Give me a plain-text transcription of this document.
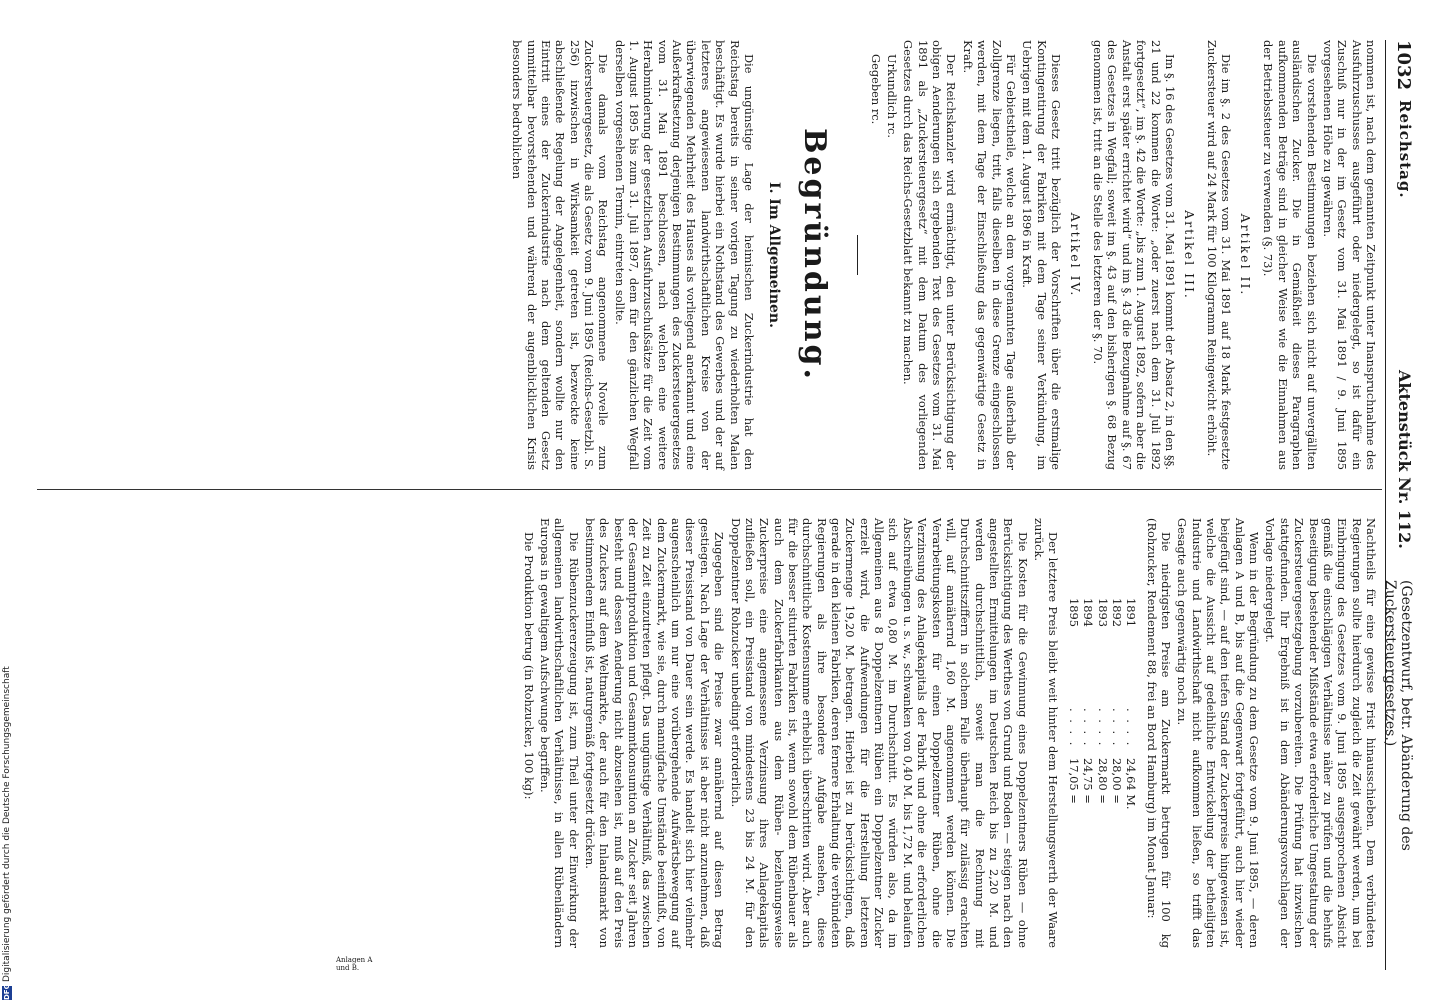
1032
Reichstag.
Aktenstück Nr. 112.
(Gesetzentwurf, betr. Abänderung des Zuckersteuergesetzes.)

nommen ist, nach dem genannten Zeitpunkt unter Inanspruchnahme des Ausfuhrzuschusses ausgeführt oder niedergelegt, so ist dafür ein Zuschuß nur in der im Gesetz vom 31. Mai 1891 / 9. Juni 1895 vorgesehenen Höhe zu gewähren.

Die vorstehenden Bestimmungen beziehen sich nicht auf unvergällten ausländischen Zucker. Die in Gemäßheit dieses Paragraphen aufkommenden Beträge sind in gleicher Weise wie die Einnahmen aus der Betriebssteuer zu verwenden (§. 73).

Artikel II.

Die im §. 2 des Gesetzes vom 31. Mai 1891 auf 18 Mark festgesetzte Zuckersteuer wird auf 24 Mark für 100 Kilogramm Reingewicht erhöht.

Artikel III.

Im §. 16 des Gesetzes vom 31. Mai 1891 kommt der Absatz 2, in den §§. 21 und 22 kommen die Worte: „oder zuerst nach dem 31. Juli 1892 fortgesetzt“, im §. 42 die Worte: „bis zum 1. August 1892, sofern aber die Anstalt erst später errichtet wird“ und im §. 43 die Bezugnahme auf §. 67 des Gesetzes in Wegfall; soweit im §. 43 auf den bisherigen §. 68 Bezug genommen ist, tritt an die Stelle des letzteren der §. 70.

Artikel IV.

Dieses Gesetz tritt bezüglich der Vorschriften über die erstmalige Kontingentirung der Fabriken mit dem Tage seiner Verkündung, im Uebrigen mit dem 1. August 1896 in Kraft.

Für Gebietstheile, welche an dem vorgenannten Tage außerhalb der Zollgrenze liegen, tritt, falls dieselben in diese Grenze eingeschlossen werden, mit dem Tage der Einschließung das gegenwärtige Gesetz in Kraft.

Der Reichskanzler wird ermächtigt, den unter Berücksichtigung der obigen Aenderungen sich ergebenden Text des Gesetzes vom 31. Mai 1891 als „Zuckersteuergesetz“ mit dem Datum des vorliegenden Gesetzes durch das Reichs-Gesetzblatt bekannt zu machen.

Urkundlich rc.

Gegeben rc.

Begründung.
I. Im Allgemeinen.

Die ungünstige Lage der heimischen Zuckerindustrie hat den Reichstag bereits in seiner vorigen Tagung zu wiederholten Malen beschäftigt. Es wurde hierbei ein Nothstand des Gewerbes und der auf letzteres angewiesenen landwirthschaftlichen Kreise von der überwiegenden Mehrheit des Hauses als vorliegend anerkannt und eine Außerkraftsetzung derjenigen Bestimmungen des Zuckersteuergesetzes vom 31. Mai 1891 beschlossen, nach welchen eine weitere Herabminderung der gesetzlichen Ausfuhrzuschußsätze für die Zeit vom 1. August 1895 bis zum 31. Juli 1897, dem für den gänzlichen Wegfall derselben vorgesehenen Termin, eintreten sollte.

Die damals vom Reichstag angenommene Novelle zum Zuckersteuergesetz, die als Gesetz vom 9. Juni 1895 (Reichs-Gesetzbl. S. 256) inzwischen in Wirksamkeit getreten ist, bezweckte keine abschließende Regelung der Angelegenheit, sondern wollte nur den Eintritt eines der Zuckerindustrie nach dem geltenden Gesetz unmittelbar bevorstehenden und während der augenblicklichen Krisis besonders bedrohlichen

Nachtheils für eine gewisse Frist hinausschieben. Dem verbündeten Regierungen sollte hierdurch zugleich die Zeit gewährt werden, um bei Einbringung des Gesetzes vom 9. Juni 1895 ausgesprochenen Absicht gemäß die einschlägigen Verhältnisse näher zu prüfen und die behufs Beseitigung bestehender Mißstände etwa erforderliche Umgestaltung der Zuckersteuergesetzgebung vorzubereiten. Die Prüfung hat inzwischen stattgefunden. Ihr Ergebniß ist in dem Abänderungsvorschlagen der Vorlage niedergelegt.

Wenn in der Begründung zu dem Gesetze vom 9. Juni 1895, — deren Anlagen A und B, bis auf die Gegenwart fortgeführt, auch hier wieder beigefügt sind, — auf den tiefen Stand der Zuckerpreise hingewiesen ist, welche die Aussicht auf gedeihliche Entwickelung der betheiligten Industrie und Landwirthschaft nicht aufkommen ließen, so trifft das Gesagte auch gegenwärtig noch zu.

Die niedrigsten Preise am Zuckermarkt betrugen für 100 kg (Rohzucker, Rendement 88, frei an Bord Hamburg) im Monat Januar:

1891
. . . .
24,64 M.
1892
. . . .
28,00 =
1893
. . . .
28,80 =
1894
. . . .
24,75 =
1895
. . . .
17,05 =

Der letztere Preis bleibt weit hinter dem Herstellungswerth der Waare zurück.

Die Kosten für die Gewinnung eines Doppelzentners Rüben — ohne Berücksichtigung des Werthes von Grund und Boden — steigen nach den angestellten Ermittelungen im Deutschen Reich bis zu 2,20 M. und werden durchschnittlich, soweit man die Rechnung mit Durchschnittsziffern in solchem Falle überhaupt für zulässig erachten will, auf annähernd 1,60 M. angenommen werden können. Die Verarbeitungskosten für einen Doppelzentner Rüben, ohne die Verzinsung des Anlagekapitals der Fabrik und ohne die erforderlichen Abschreibungen u. s. w., schwanken von 0,40 M. bis 1,72 M. und belaufen sich auf etwa 0,80 M. im Durchschnitt. Es würden also, da im Allgemeinen aus 8 Doppelzentnern Rüben ein Doppelzentner Zucker erzielt wird, die Aufwendungen für die Herstellung letzteren Zuckermenge 19,20 M. betragen. Hierbei ist zu berücksichtigen, daß gerade in den kleinen Fabriken, deren fernere Erhaltung die verbündeten Regierungen als ihre besondere Aufgabe ansehen, diese durchschnittliche Kostensumme erheblich überschritten wird. Aber auch für die besser situirten Fabriken ist, wenn sowohl dem Rübenbauer als auch dem Zuckerfabrikanten aus dem Rüben- beziehungsweise Zuckerpreise eine angemessene Verzinsung ihres Anlagekapitals zufließen soll, ein Preisstand von mindestens 23 bis 24 M. für den Doppelzentner Rohzucker unbedingt erforderlich.

Zugegeben sind die Preise zwar annähernd auf diesen Betrag gestiegen. Nach Lage der Verhältnisse ist aber nicht anzunehmen, daß dieser Preisstand von Dauer sein werde. Es handelt sich hier vielmehr augenscheinlich um nur eine vorübergehende Aufwärtsbewegung auf dem Zuckermarkt, wie sie, durch mannigfache Umstände beeinflußt, von Zeit zu Zeit einzutreten pflegt. Das ungünstige Verhältniß, das zwischen der Gesammtproduktion und Gesammtkonsumtion an Zucker seit Jahren besteht und dessen Aenderung nicht abzusehen ist, muß auf den Preis des Zuckers auf dem Weltmarkte, der auch für den Inlandsmarkt von bestimmendem Einfluß ist, naturgemäß fortgesetzt drücken.

Die Rübenzuckererzeugung ist, zum Theil unter der Einwirkung der allgemeinen landwirthschaftlichen Verhältnisse, in allen Rübenländern Europas in gewaltigem Aufschwunge begriffen.

Die Produktion betrug (in Rohzucker, 100 kg):

Anlagen A und B.
DFG
Digitalisierung gefördert durch die Deutsche Forschungsgemeinschaft
